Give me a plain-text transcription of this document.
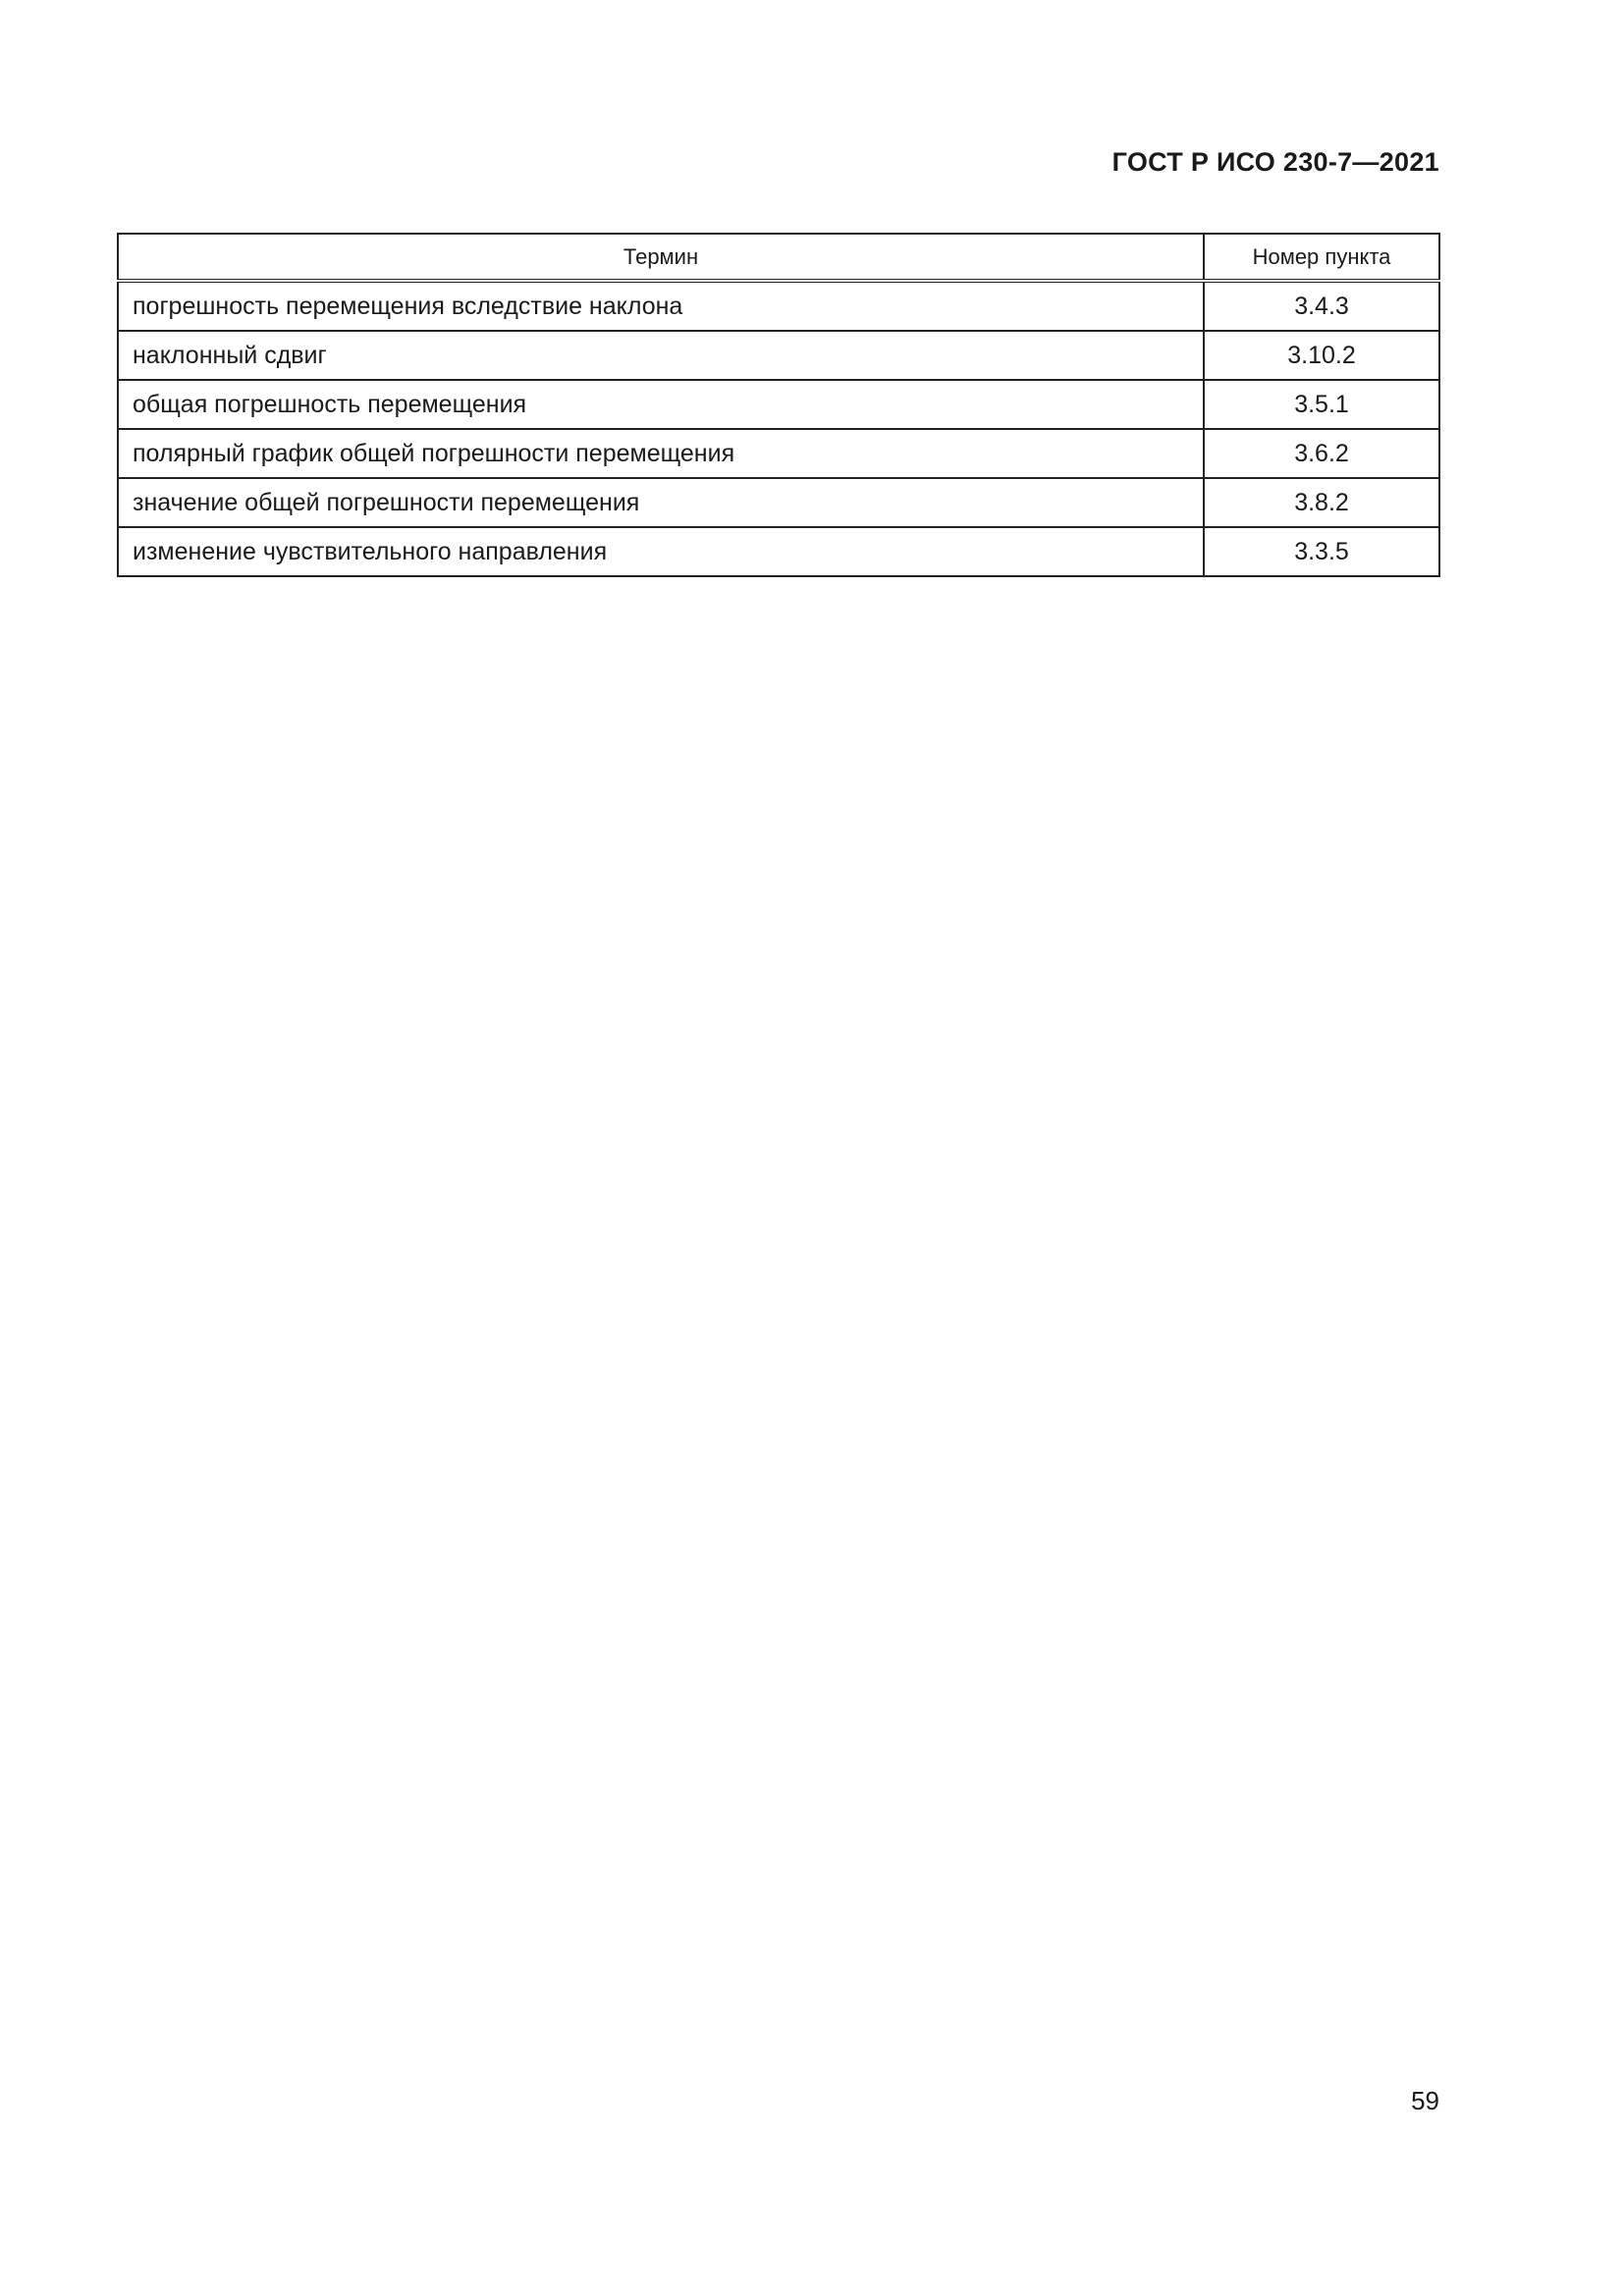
ГОСТ Р ИСО 230-7—2021
Термин	Номер пункта
погрешность перемещения вследствие наклона	3.4.3
наклонный сдвиг	3.10.2
общая погрешность перемещения	3.5.1
полярный график общей погрешности перемещения	3.6.2
значение общей погрешности перемещения	3.8.2
изменение чувствительного направления	3.3.5
59
